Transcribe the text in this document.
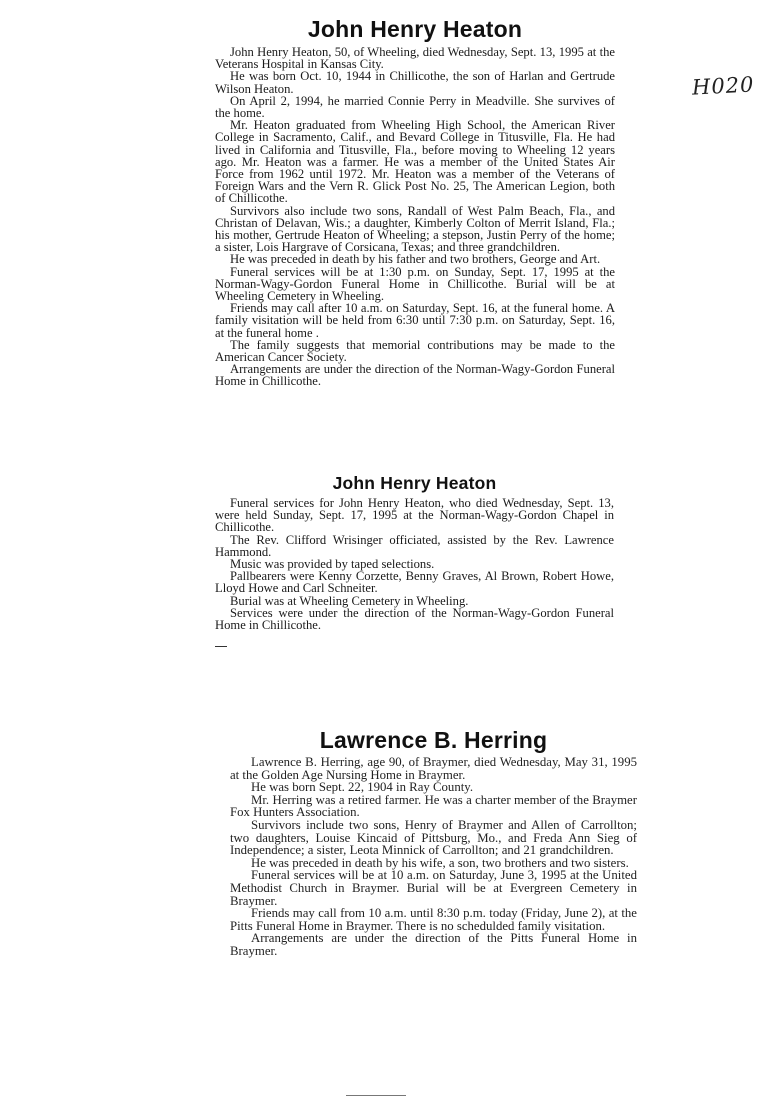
H020
John Henry Heaton

John Henry Heaton, 50, of Wheeling, died Wednesday, Sept. 13, 1995 at the Veterans Hospital in Kansas City.

He was born Oct. 10, 1944 in Chillicothe, the son of Harlan and Gertrude Wilson Heaton.

On April 2, 1994, he married Connie Perry in Meadville. She survives of the home.

Mr. Heaton graduated from Wheeling High School, the American River College in Sacramento, Calif., and Bevard College in Titusville, Fla. He had lived in California and Titusville, Fla., before moving to Wheeling 12 years ago. Mr. Heaton was a farmer. He was a member of the United States Air Force from 1962 until 1972. Mr. Heaton was a member of the Veterans of Foreign Wars and the Vern R. Glick Post No. 25, The American Legion, both of Chillicothe.

Survivors also include two sons, Randall of West Palm Beach, Fla., and Christan of Delavan, Wis.; a daughter, Kimberly Colton of Merrit Island, Fla.; his mother, Gertrude Heaton of Wheeling; a stepson, Justin Perry of the home; a sister, Lois Hargrave of Corsicana, Texas; and three grandchildren.

He was preceded in death by his father and two brothers, George and Art.

Funeral services will be at 1:30 p.m. on Sunday, Sept. 17, 1995 at the Norman-Wagy-Gordon Funeral Home in Chillicothe. Burial will be at Wheeling Cemetery in Wheeling.

Friends may call after 10 a.m. on Saturday, Sept. 16, at the funeral home. A family visitation will be held from 6:30 until 7:30 p.m. on Saturday, Sept. 16, at the funeral home .

The family suggests that memorial contributions may be made to the American Cancer Society.

Arrangements are under the direction of the Norman-Wagy-Gordon Funeral Home in Chillicothe.

John Henry Heaton

Funeral services for John Henry Heaton, who died Wednesday, Sept. 13, were held Sunday, Sept. 17, 1995 at the Norman-Wagy-Gordon Chapel in Chillicothe.

The Rev. Clifford Wrisinger officiated, assisted by the Rev. Lawrence Hammond.

Music was provided by taped selections.

Pallbearers were Kenny Corzette, Benny Graves, Al Brown, Robert Howe, Lloyd Howe and Carl Schneiter.

Burial was at Wheeling Cemetery in Wheeling.

Services were under the direction of the Norman-Wagy-Gordon Funeral Home in Chillicothe.

Lawrence B. Herring

Lawrence B. Herring, age 90, of Braymer, died Wednesday, May 31, 1995 at the Golden Age Nursing Home in Braymer.

He was born Sept. 22, 1904 in Ray County.

Mr. Herring was a retired farmer. He was a charter member of the Braymer Fox Hunters Association.

Survivors include two sons, Henry of Braymer and Allen of Carrollton; two daughters, Louise Kincaid of Pittsburg, Mo., and Freda Ann Sieg of Independence; a sister, Leota Minnick of Carrollton; and 21 grandchildren.

He was preceded in death by his wife, a son, two brothers and two sisters.

Funeral services will be at 10 a.m. on Saturday, June 3, 1995 at the United Methodist Church in Braymer. Burial will be at Evergreen Cemetery in Braymer.

Friends may call from 10 a.m. until 8:30 p.m. today (Friday, June 2), at the Pitts Funeral Home in Braymer. There is no schedulded family visitation.

Arrangements are under the direction of the Pitts Funeral Home in Braymer.
